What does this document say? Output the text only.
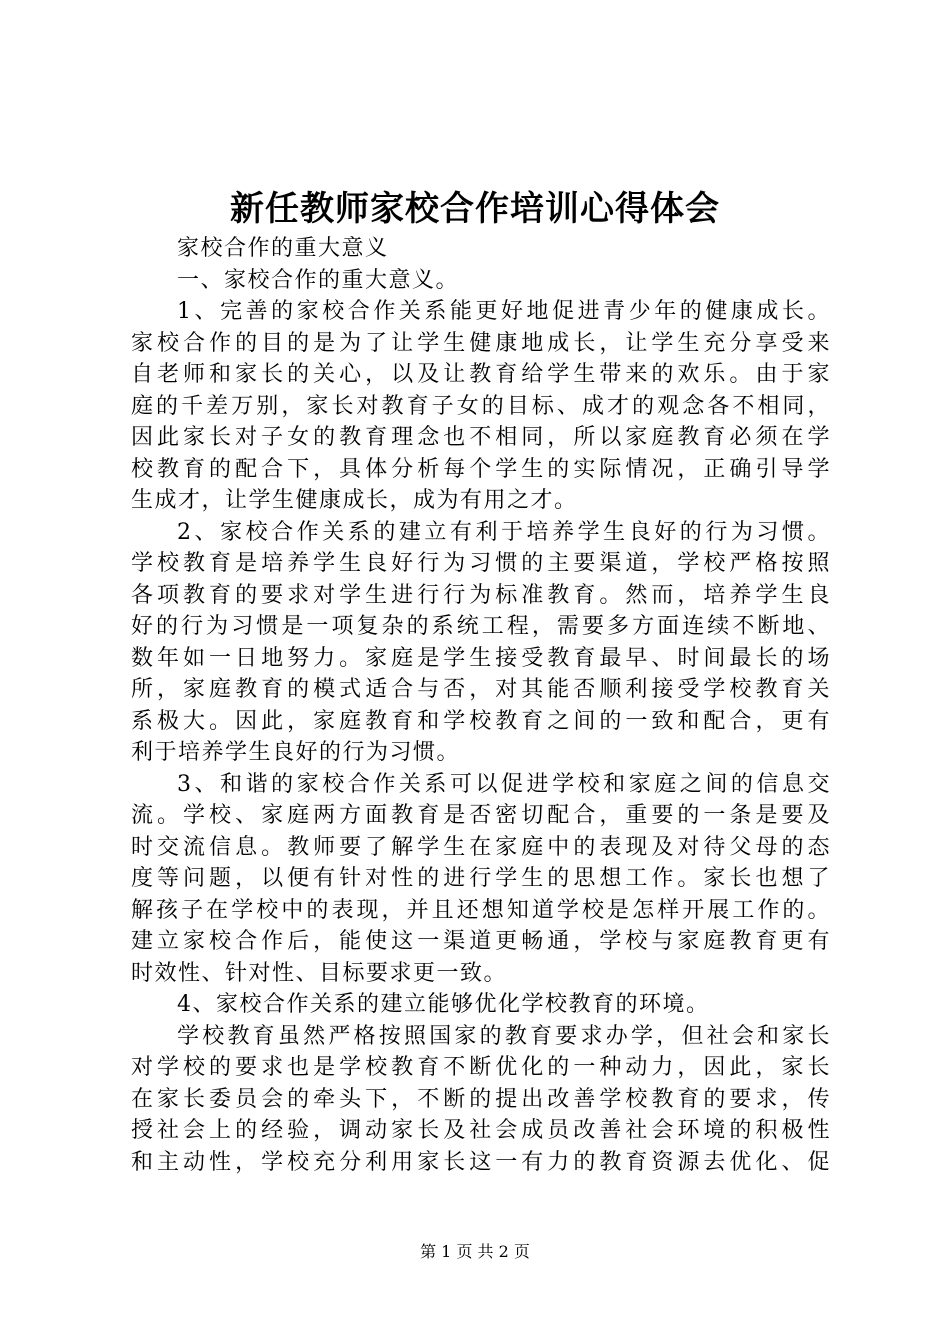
新任教师家校合作培训心得体会

家校合作的重大意义

一、家校合作的重大意义。

1、完善的家校合作关系能更好地促进青少年的健康成长。

家校合作的目的是为了让学生健康地成长，让学生充分享受来

自老师和家长的关心，以及让教育给学生带来的欢乐。由于家

庭的千差万别，家长对教育子女的目标、成才的观念各不相同，

因此家长对子女的教育理念也不相同，所以家庭教育必须在学

校教育的配合下，具体分析每个学生的实际情况，正确引导学

生成才，让学生健康成长，成为有用之才。

2、家校合作关系的建立有利于培养学生良好的行为习惯。

学校教育是培养学生良好行为习惯的主要渠道，学校严格按照

各项教育的要求对学生进行行为标准教育。然而，培养学生良

好的行为习惯是一项复杂的系统工程，需要多方面连续不断地、

数年如一日地努力。家庭是学生接受教育最早、时间最长的场

所，家庭教育的模式适合与否，对其能否顺利接受学校教育关

系极大。因此，家庭教育和学校教育之间的一致和配合，更有

利于培养学生良好的行为习惯。

3、和谐的家校合作关系可以促进学校和家庭之间的信息交

流。学校、家庭两方面教育是否密切配合，重要的一条是要及

时交流信息。教师要了解学生在家庭中的表现及对待父母的态

度等问题，以便有针对性的进行学生的思想工作。家长也想了

解孩子在学校中的表现，并且还想知道学校是怎样开展工作的。

建立家校合作后，能使这一渠道更畅通，学校与家庭教育更有

时效性、针对性、目标要求更一致。

4、家校合作关系的建立能够优化学校教育的环境。

学校教育虽然严格按照国家的教育要求办学，但社会和家长

对学校的要求也是学校教育不断优化的一种动力，因此，家长

在家长委员会的牵头下，不断的提出改善学校教育的要求，传

授社会上的经验，调动家长及社会成员改善社会环境的积极性

和主动性，学校充分利用家长这一有力的教育资源去优化、促

第 1 页 共 2 页
